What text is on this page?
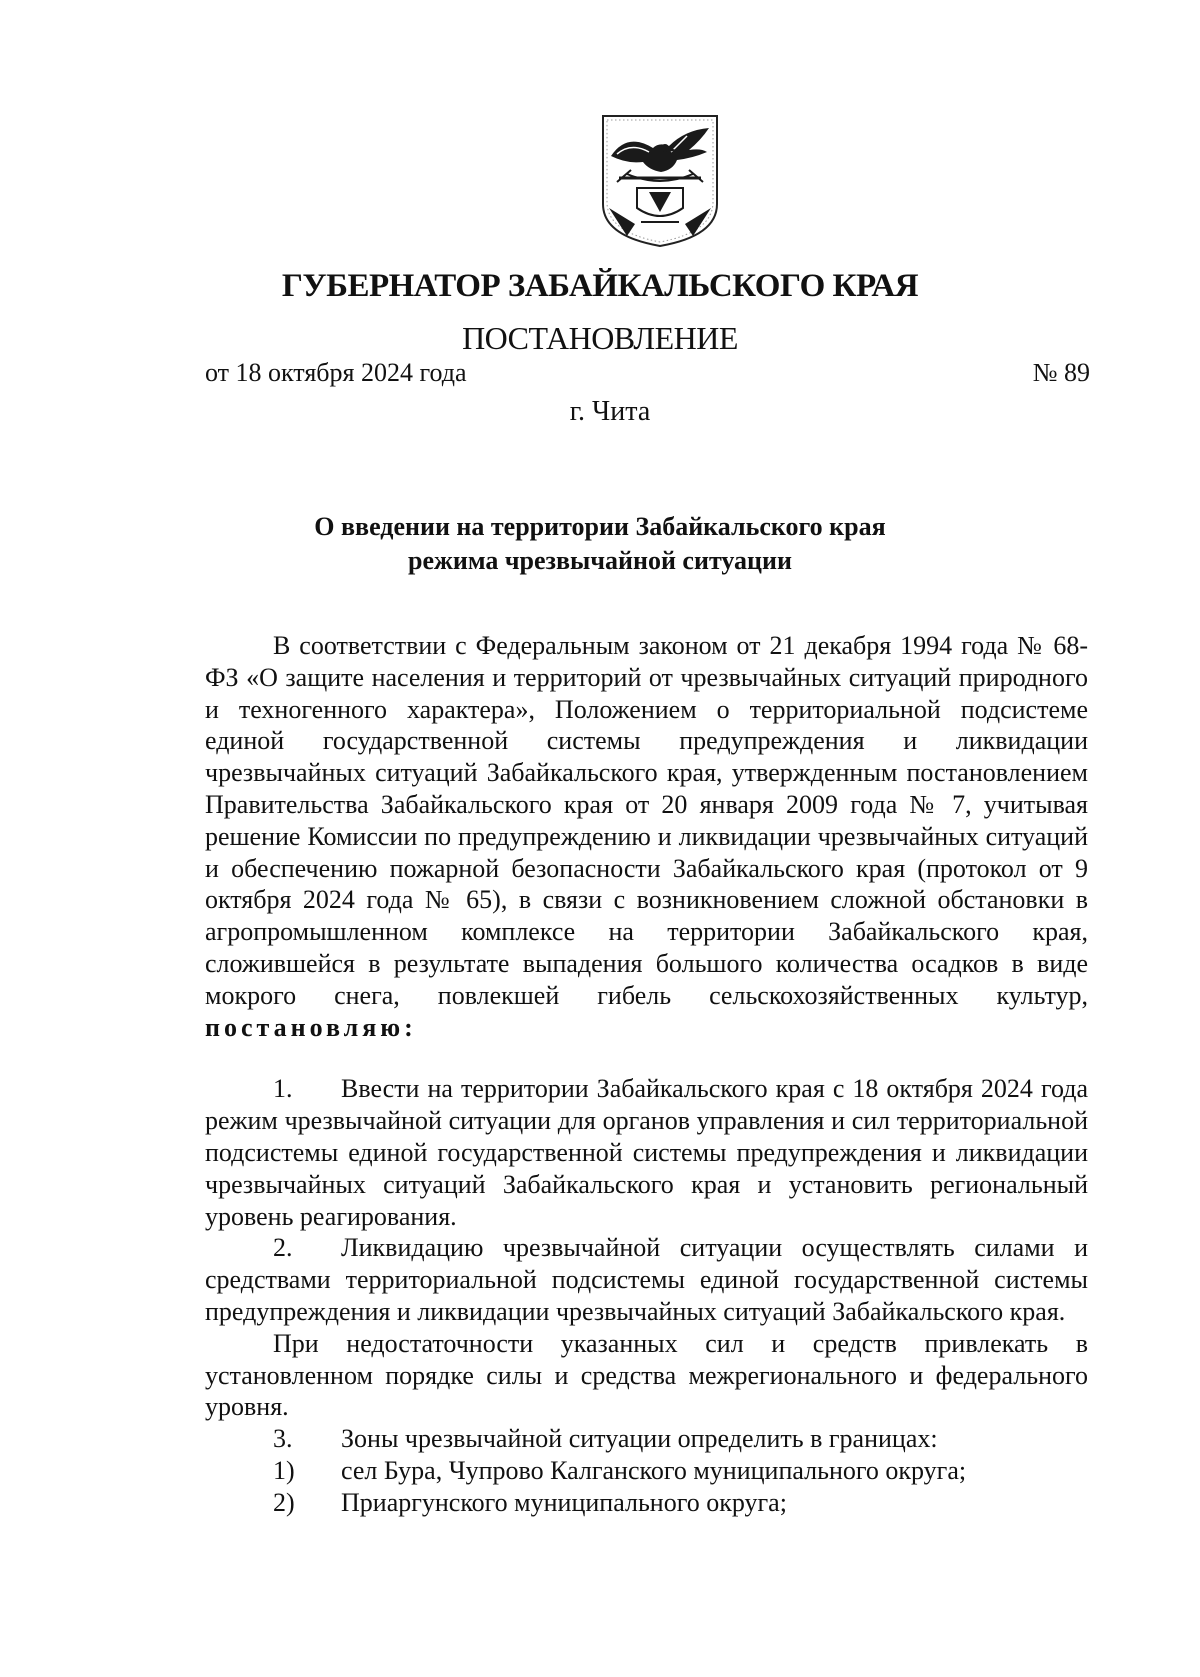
ГУБЕРНАТОР ЗАБАЙКАЛЬСКОГО КРАЯ
ПОСТАНОВЛЕНИЕ
от 18 октября 2024 года	№ 89
г. Чита
О введении на территории Забайкальского края
режима чрезвычайной ситуации

В соответствии с Федеральным законом от 21 декабря 1994 года № 68-ФЗ «О защите населения и территорий от чрезвычайных ситуаций природного и техногенного характера», Положением о территориальной подсистеме единой государственной системы предупреждения и ликвидации чрезвычайных ситуаций Забайкальского края, утвержденным постановлением Правительства Забайкальского края от 20 января 2009 года № 7, учитывая решение Комиссии по предупреждению и ликвидации чрезвычайных ситуаций и обеспечению пожарной безопасности Забайкальского края (протокол от 9 октября 2024 года № 65), в связи с возникновением сложной обстановки в агропромышленном комплексе на территории Забайкальского края, сложившейся в результате выпадения большого количества осадков в виде мокрого снега, повлекшей гибель сельскохозяйственных культур, постановляю:

1.	Ввести на территории Забайкальского края с 18 октября 2024 года режим чрезвычайной ситуации для органов управления и сил территориальной подсистемы единой государственной системы предупреждения и ликвидации чрезвычайных ситуаций Забайкальского края и установить региональный уровень реагирования.
2.	Ликвидацию чрезвычайной ситуации осуществлять силами и средствами территориальной подсистемы единой государственной системы предупреждения и ликвидации чрезвычайных ситуаций Забайкальского края.

При недостаточности указанных сил и средств привлекать в установленном порядке силы и средства межрегионального и федерального уровня.

3. Зоны чрезвычайной ситуации определить в границах:
1) сел Бура, Чупрово Калганского муниципального округа;
2) Приаргунского муниципального округа;
